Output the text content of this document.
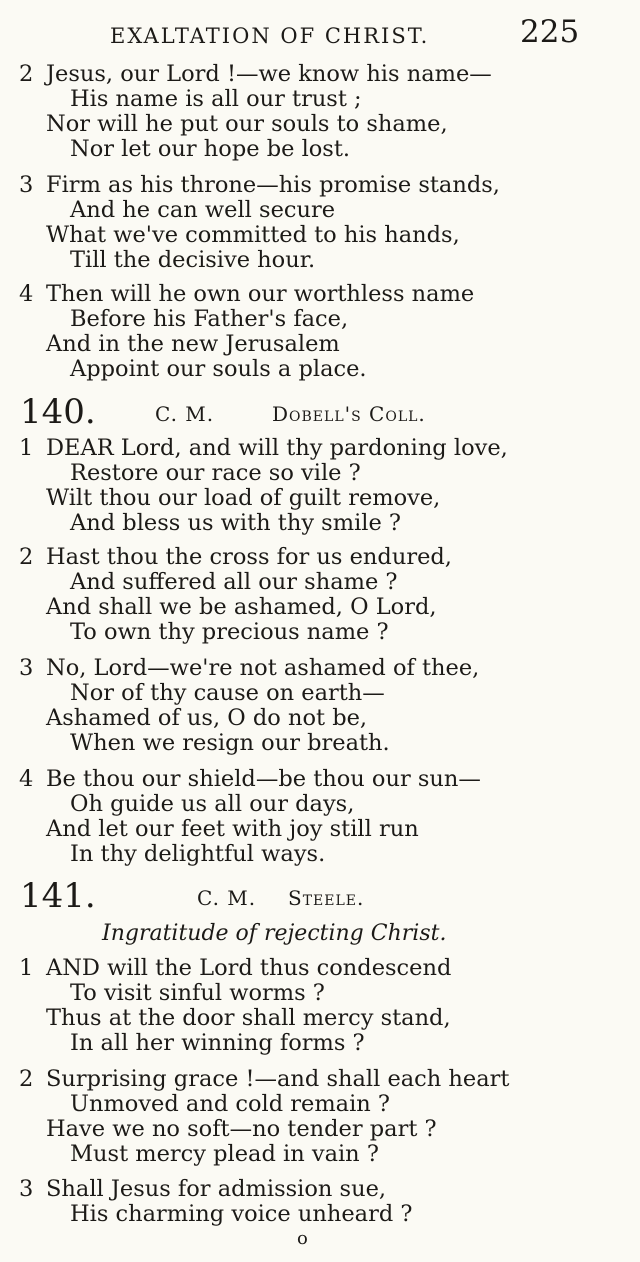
EXALTATION OF CHRIST.	225
2 Jesus, our Lord !—we know his name—
His name is all our trust ;
Nor will he put our souls to shame,
Nor let our hope be lost.
3 Firm as his throne—his promise stands,
And he can well secure
What we've committed to his hands,
Till the decisive hour.
4 Then will he own our worthless name
Before his Father's face,
And in the new Jerusalem
Appoint our souls a place.
140.	C. M.	Dobell's Coll.
1 DEAR Lord, and will thy pardoning love,
Restore our race so vile ?
Wilt thou our load of guilt remove,
And bless us with thy smile ?
2 Hast thou the cross for us endured,
And suffered all our shame ?
And shall we be ashamed, O Lord,
To own thy precious name ?
3 No, Lord—we're not ashamed of thee,
Nor of thy cause on earth—
Ashamed of us, O do not be,
When we resign our breath.
4 Be thou our shield—be thou our sun—
Oh guide us all our days,
And let our feet with joy still run
In thy delightful ways.
141.	C. M. Steele.
Ingratitude of rejecting Christ.
1 AND will the Lord thus condescend
To visit sinful worms ?
Thus at the door shall mercy stand,
In all her winning forms ?
2 Surprising grace !—and shall each heart
Unmoved and cold remain ?
Have we no soft—no tender part ?
Must mercy plead in vain ?
3 Shall Jesus for admission sue,
His charming voice unheard ?
o
